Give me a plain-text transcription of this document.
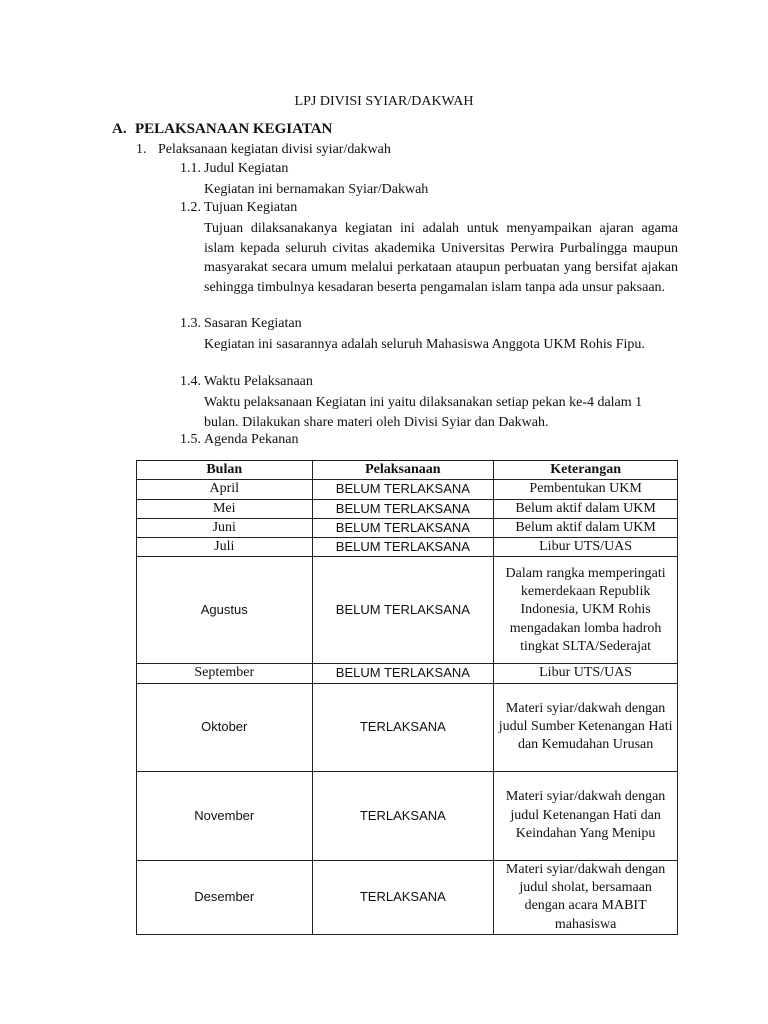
LPJ DIVISI SYIAR/DAKWAH
A. PELAKSANAAN KEGIATAN
1. Pelaksanaan kegiatan divisi syiar/dakwah
1.1. Judul Kegiatan
Kegiatan ini bernamakan Syiar/Dakwah
1.2. Tujuan Kegiatan
Tujuan dilaksanakanya kegiatan ini adalah untuk menyampaikan ajaran agama islam kepada seluruh civitas akademika Universitas Perwira Purbalingga maupun masyarakat secara umum melalui perkataan ataupun perbuatan yang bersifat ajakan sehingga timbulnya kesadaran beserta pengamalan islam tanpa ada unsur paksaan.
1.3. Sasaran Kegiatan
Kegiatan ini sasarannya adalah seluruh Mahasiswa Anggota UKM Rohis Fipu.
1.4. Waktu Pelaksanaan
Waktu pelaksanaan Kegiatan ini yaitu dilaksanakan setiap pekan ke-4 dalam 1 bulan. Dilakukan share materi oleh Divisi Syiar dan Dakwah.
1.5. Agenda Pekanan
Bulan	Pelaksanaan	Keterangan
April	BELUM TERLAKSANA	Pembentukan UKM
Mei	BELUM TERLAKSANA	Belum aktif dalam UKM
Juni	BELUM TERLAKSANA	Belum aktif dalam UKM
Juli	BELUM TERLAKSANA	Libur UTS/UAS
Agustus	BELUM TERLAKSANA	Dalam rangka memperingati kemerdekaan Republik Indonesia, UKM Rohis mengadakan lomba hadroh tingkat SLTA/Sederajat
September	BELUM TERLAKSANA	Libur UTS/UAS
Oktober	TERLAKSANA	Materi syiar/dakwah dengan judul Sumber Ketenangan Hati dan Kemudahan Urusan
November	TERLAKSANA	Materi syiar/dakwah dengan judul Ketenangan Hati dan Keindahan Yang Menipu
Desember	TERLAKSANA	Materi syiar/dakwah dengan judul sholat, bersamaan dengan acara MABIT mahasiswa
